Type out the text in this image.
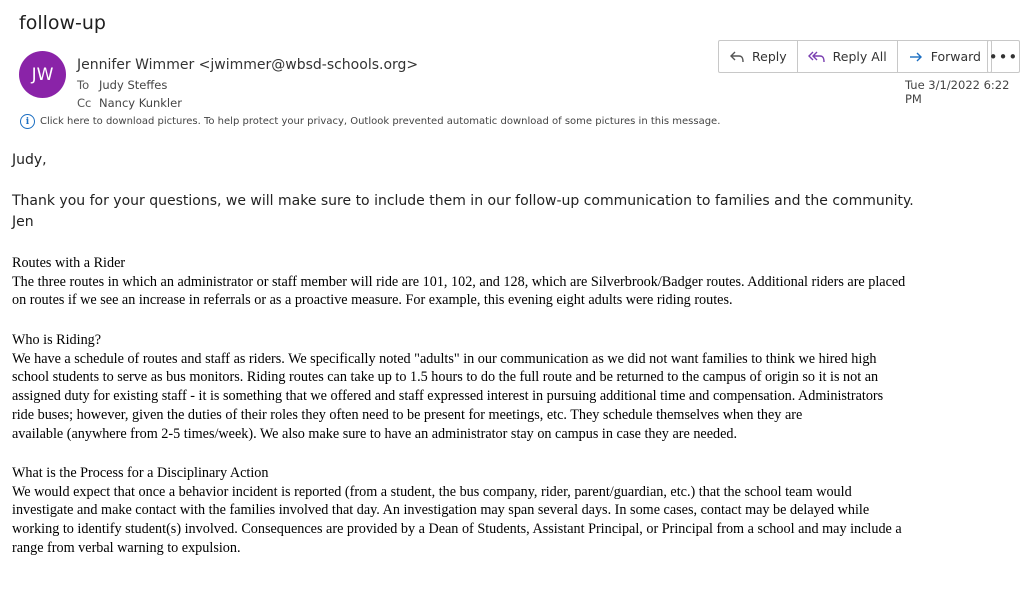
follow-up
JW	Jennifer Wimmer <jwimmer@wbsd-schools.org>
To Judy Steffes
Cc Nancy Kunkler
Reply	Reply All	Forward •••
Tue 3/1/2022 6:22 PM
i	Click here to download pictures. To help protect your privacy, Outlook prevented automatic download of some pictures in this message.
Judy,
Thank you for your questions, we will make sure to include them in our follow-up communication to families and the community.
Jen

Routes with a Rider

The three routes in which an administrator or staff member will ride are 101, 102, and 128, which are Silverbrook/Badger routes. Additional riders are placed

on routes if we see an increase in referrals or as a proactive measure. For example, this evening eight adults were riding routes.

Who is Riding?

We have a schedule of routes and staff as riders. We specifically noted "adults" in our communication as we did not want families to think we hired high

school students to serve as bus monitors. Riding routes can take up to 1.5 hours to do the full route and be returned to the campus of origin so it is not an

assigned duty for existing staff - it is something that we offered and staff expressed interest in pursuing additional time and compensation. Administrators

ride buses; however, given the duties of their roles they often need to be present for meetings, etc. They schedule themselves when they are

available (anywhere from 2-5 times/week). We also make sure to have an administrator stay on campus in case they are needed.

What is the Process for a Disciplinary Action

We would expect that once a behavior incident is reported (from a student, the bus company, rider, parent/guardian, etc.) that the school team would

investigate and make contact with the families involved that day. An investigation may span several days. In some cases, contact may be delayed while

working to identify student(s) involved. Consequences are provided by a Dean of Students, Assistant Principal, or Principal from a school and may include a

range from verbal warning to expulsion.
